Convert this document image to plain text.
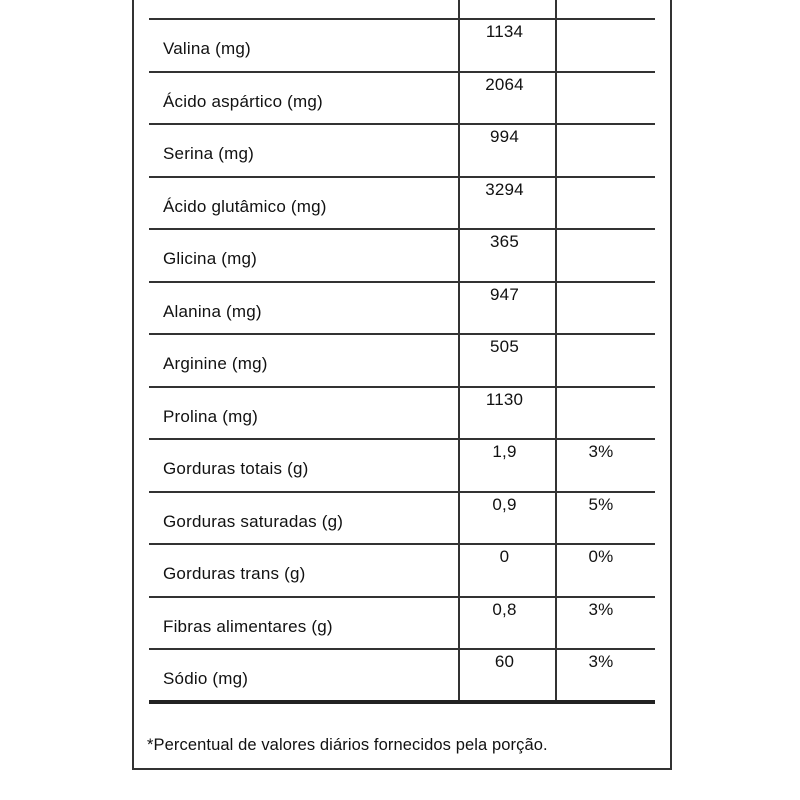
Valina (mg)	1134	
Ácido aspártico (mg)	2064	
Serina (mg)	994	
Ácido glutâmico (mg)	3294	
Glicina (mg)	365	
Alanina (mg)	947	
Arginine (mg)	505	
Prolina (mg)	1130	
Gorduras totais (g)	1,9	3%
Gorduras saturadas (g)	0,9	5%
Gorduras trans (g)	0	0%
Fibras alimentares (g)	0,8	3%
Sódio (mg)	60	3%
*Percentual de valores diários fornecidos pela porção.
